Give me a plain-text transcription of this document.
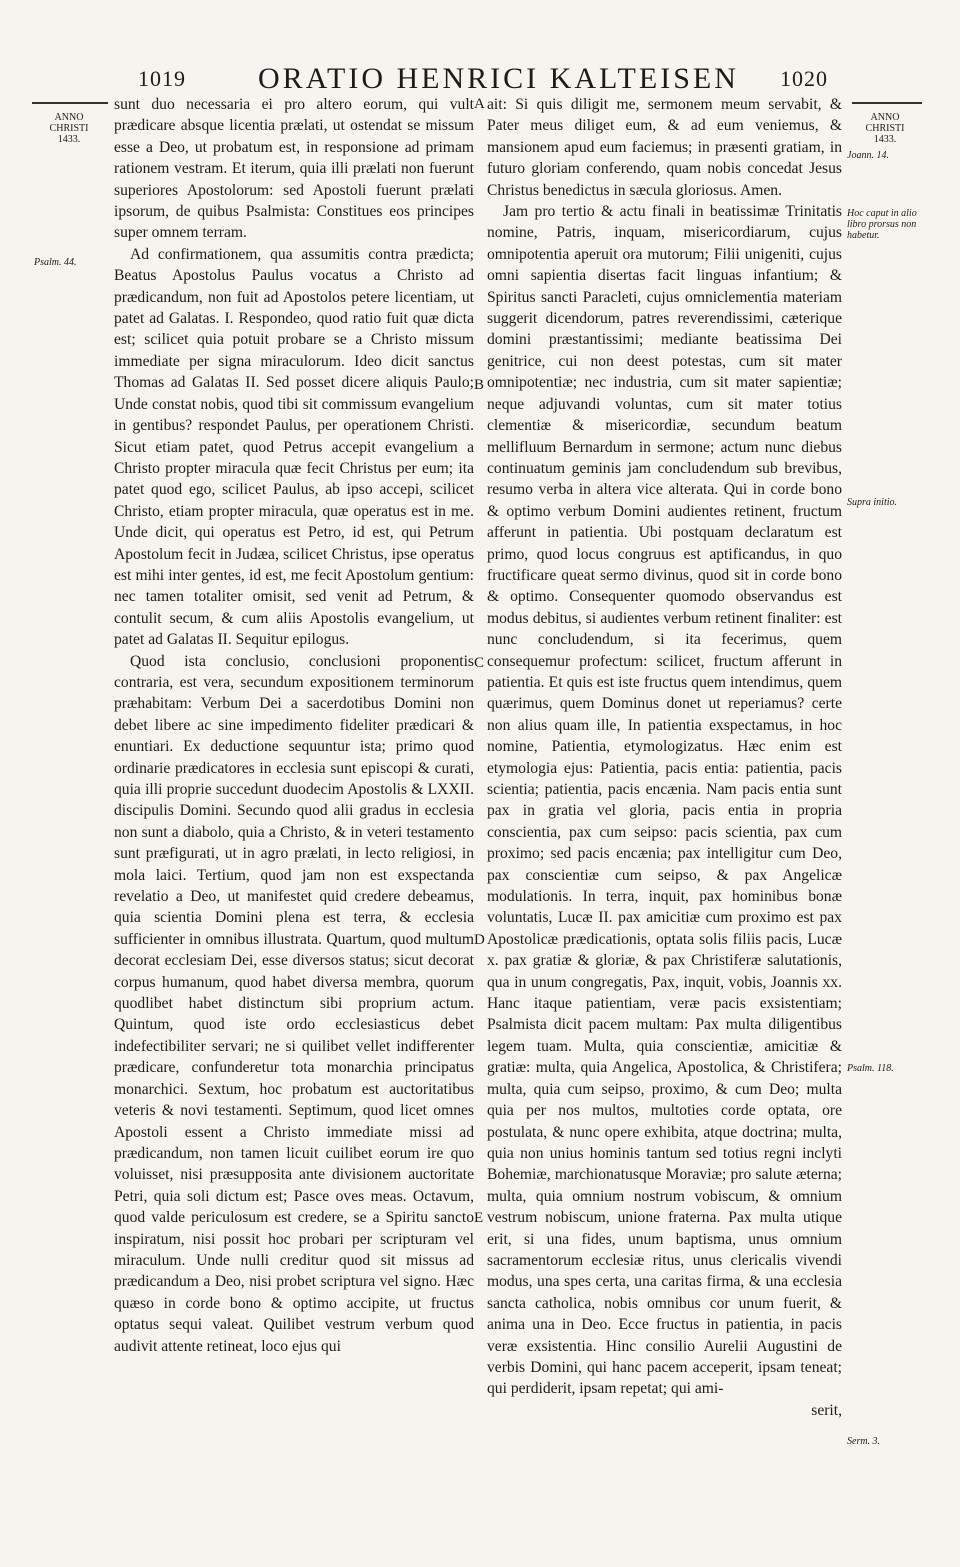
1019 ORATIO HENRICI KALTEISEN 1020
ANNO
CHRISTI
1433.
ANNO
CHRISTI
1433.
Psalm. 44.
Joann. 14.
Hoc caput in alio libro prorsus non habetur.
Supra initio.
Psalm. 118.
Serm. 3.
A
B
C
D
E

sunt duo necessaria ei pro altero eorum, qui vult prædicare absque licentia prælati, ut ostendat se missum esse a Deo, ut probatum est, in responsione ad primam rationem vestram. Et iterum, quia illi prælati non fuerunt superiores Apostolorum: sed Apostoli fuerunt prælati ipsorum, de quibus Psalmista: Constitues eos principes super omnem terram.

Ad confirmationem, qua assumitis contra prædicta; Beatus Apostolus Paulus vocatus a Christo ad prædicandum, non fuit ad Apostolos petere licentiam, ut patet ad Galatas. I. Respondeo, quod ratio fuit quæ dicta est; scilicet quia potuit probare se a Christo missum immediate per signa miraculorum. Ideo dicit sanctus Thomas ad Galatas II. Sed posset dicere aliquis Paulo; Unde constat nobis, quod tibi sit commissum evangelium in gentibus? respondet Paulus, per operationem Christi. Sicut etiam patet, quod Petrus accepit evangelium a Christo propter miracula quæ fecit Christus per eum; ita patet quod ego, scilicet Paulus, ab ipso accepi, scilicet Christo, etiam propter miracula, quæ operatus est in me. Unde dicit, qui operatus est Petro, id est, qui Petrum Apostolum fecit in Judæa, scilicet Christus, ipse operatus est mihi inter gentes, id est, me fecit Apostolum gentium: nec tamen totaliter omisit, sed venit ad Petrum, & contulit secum, & cum aliis Apostolis evangelium, ut patet ad Galatas II. Sequitur epilogus.

Quod ista conclusio, conclusioni proponentis contraria, est vera, secundum expositionem terminorum præhabitam: Verbum Dei a sacerdotibus Domini non debet libere ac sine impedimento fideliter prædicari & enuntiari. Ex deductione sequuntur ista; primo quod ordinarie prædicatores in ecclesia sunt episcopi & curati, quia illi proprie succedunt duodecim Apostolis & LXXII. discipulis Domini. Secundo quod alii gradus in ecclesia non sunt a diabolo, quia a Christo, & in veteri testamento sunt præfigurati, ut in agro prælati, in lecto religiosi, in mola laici. Tertium, quod jam non est exspectanda revelatio a Deo, ut manifestet quid credere debeamus, quia scientia Domini plena est terra, & ecclesia sufficienter in omnibus illustrata. Quartum, quod multum decorat ecclesiam Dei, esse diversos status; sicut decorat corpus humanum, quod habet diversa membra, quorum quodlibet habet distinctum sibi proprium actum. Quintum, quod iste ordo ecclesiasticus debet indefectibiliter servari; ne si quilibet vellet indifferenter prædicare, confunderetur tota monarchia principatus monarchici. Sextum, hoc probatum est auctoritatibus veteris & novi testamenti. Septimum, quod licet omnes Apostoli essent a Christo immediate missi ad prædicandum, non tamen licuit cuilibet eorum ire quo voluisset, nisi præsupposita ante divisionem auctoritate Petri, quia soli dictum est; Pasce oves meas. Octavum, quod valde periculosum est credere, se a Spiritu sancto inspiratum, nisi possit hoc probari per scripturam vel miraculum. Unde nulli creditur quod sit missus ad prædicandum a Deo, nisi probet scriptura vel signo. Hæc quæso in corde bono & optimo accipite, ut fructus optatus sequi valeat. Quilibet vestrum verbum quod audivit attente retineat, loco ejus qui

ait: Si quis diligit me, sermonem meum servabit, & Pater meus diliget eum, & ad eum veniemus, & mansionem apud eum faciemus; in præsenti gratiam, in futuro gloriam conferendo, quam nobis concedat Jesus Christus benedictus in sæcula gloriosus. Amen.

Jam pro tertio & actu finali in beatissimæ Trinitatis nomine, Patris, inquam, misericordiarum, cujus omnipotentia aperuit ora mutorum; Filii unigeniti, cujus omni sapientia disertas facit linguas infantium; & Spiritus sancti Paracleti, cujus omniclementia materiam suggerit dicendorum, patres reverendissimi, cæterique domini præstantissimi; mediante beatissima Dei genitrice, cui non deest potestas, cum sit mater omnipotentiæ; nec industria, cum sit mater sapientiæ; neque adjuvandi voluntas, cum sit mater totius clementiæ & misericordiæ, secundum beatum mellifluum Bernardum in sermone; actum nunc diebus continuatum geminis jam concludendum sub brevibus, resumo verba in altera vice alterata. Qui in corde bono & optimo verbum Domini audientes retinent, fructum afferunt in patientia. Ubi postquam declaratum est primo, quod locus congruus est aptificandus, in quo fructificare queat sermo divinus, quod sit in corde bono & optimo. Consequenter quomodo observandus est modus debitus, si audientes verbum retinent finaliter: est nunc concludendum, si ita fecerimus, quem consequemur profectum: scilicet, fructum afferunt in patientia. Et quis est iste fructus quem intendimus, quem quærimus, quem Dominus donet ut reperiamus? certe non alius quam ille, In patientia exspectamus, in hoc nomine, Patientia, etymologizatus. Hæc enim est etymologia ejus: Patientia, pacis entia: patientia, pacis scientia; patientia, pacis encænia. Nam pacis entia sunt pax in gratia vel gloria, pacis entia in propria conscientia, pax cum seipso: pacis scientia, pax cum proximo; sed pacis encænia; pax intelligitur cum Deo, pax conscientiæ cum seipso, & pax Angelicæ modulationis. In terra, inquit, pax hominibus bonæ voluntatis, Lucæ II. pax amicitiæ cum proximo est pax Apostolicæ prædicationis, optata solis filiis pacis, Lucæ x. pax gratiæ & gloriæ, & pax Christiferæ salutationis, qua in unum congregatis, Pax, inquit, vobis, Joannis xx. Hanc itaque patientiam, veræ pacis exsistentiam; Psalmista dicit pacem multam: Pax multa diligentibus legem tuam. Multa, quia conscientiæ, amicitiæ & gratiæ: multa, quia Angelica, Apostolica, & Christifera; multa, quia cum seipso, proximo, & cum Deo; multa quia per nos multos, multoties corde optata, ore postulata, & nunc opere exhibita, atque doctrina; multa, quia non unius hominis tantum sed totius regni inclyti Bohemiæ, marchionatusque Moraviæ; pro salute æterna; multa, quia omnium nostrum vobiscum, & omnium vestrum nobiscum, unione fraterna. Pax multa utique erit, si una fides, unum baptisma, unus omnium sacramentorum ecclesiæ ritus, unus clericalis vivendi modus, una spes certa, una caritas firma, & una ecclesia sancta catholica, nobis omnibus cor unum fuerit, & anima una in Deo. Ecce fructus in patientia, in pacis veræ exsistentia. Hinc consilio Aurelii Augustini de verbis Domini, qui hanc pacem acceperit, ipsam teneat; qui perdiderit, ipsam repetat; qui ami-

serit,
